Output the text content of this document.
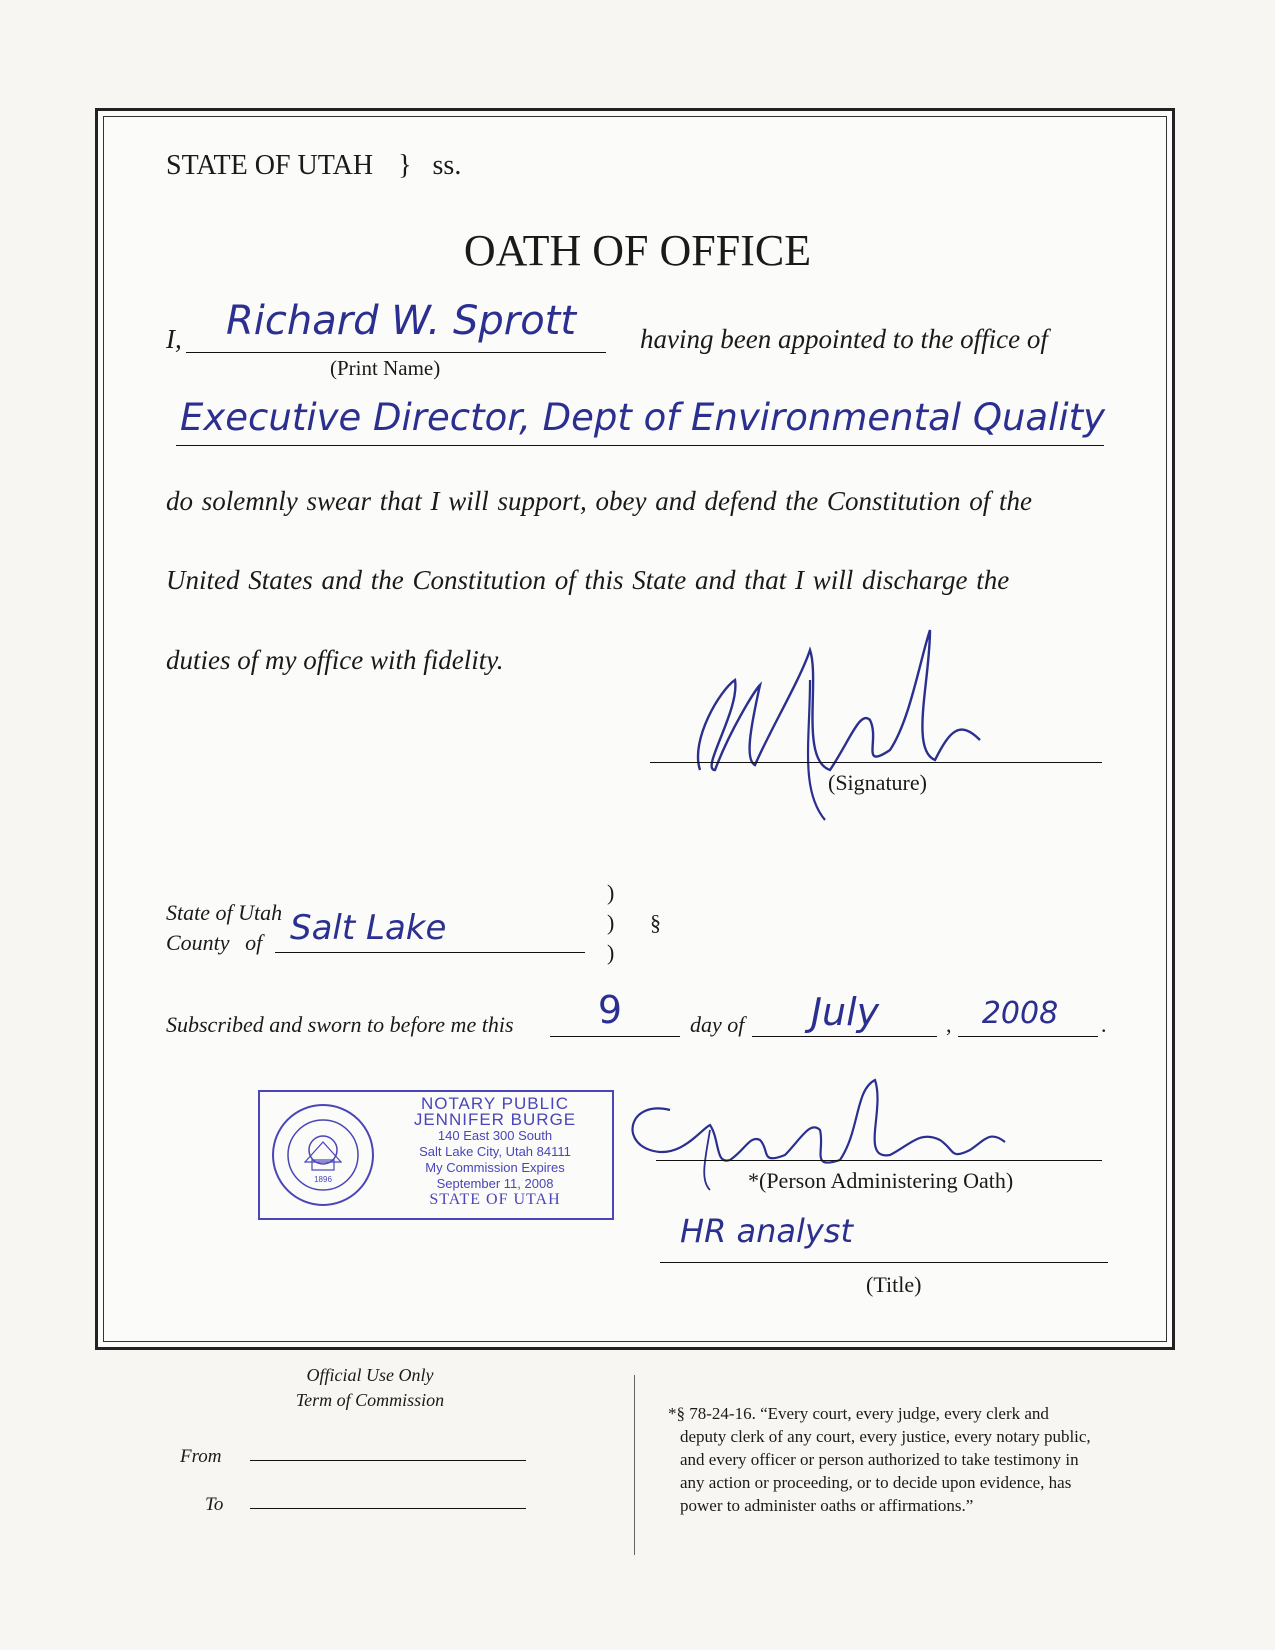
STATE OF UTAH } ss.
OATH OF OFFICE
I,	Richard W. Sprott
(Print Name)
having been appointed to the office of
Executive Director, Dept of Environmental Quality
do solemnly swear that I will support, obey and defend the Constitution of the
United States and the Constitution of this State and that I will discharge the
duties of my office with fidelity.
(Signature)
State of Utah
County of Salt Lake
)
)
)
§
Subscribed and sworn to before me this	9	day of	July	,	2008	.
1896
NOTARY PUBLIC
JENNIFER BURGE
140 East 300 South
Salt Lake City, Utah 84111
My Commission Expires
September 11, 2008
STATE OF UTAH
*(Person Administering Oath)
HR analyst
(Title)
Official Use Only
Term of Commission
From
To
*§ 78-24-16. “Every court, every judge, every clerk and
deputy clerk of any court, every justice, every notary public,
and every officer or person authorized to take testimony in
any action or proceeding, or to decide upon evidence, has
power to administer oaths or affirmations.”
